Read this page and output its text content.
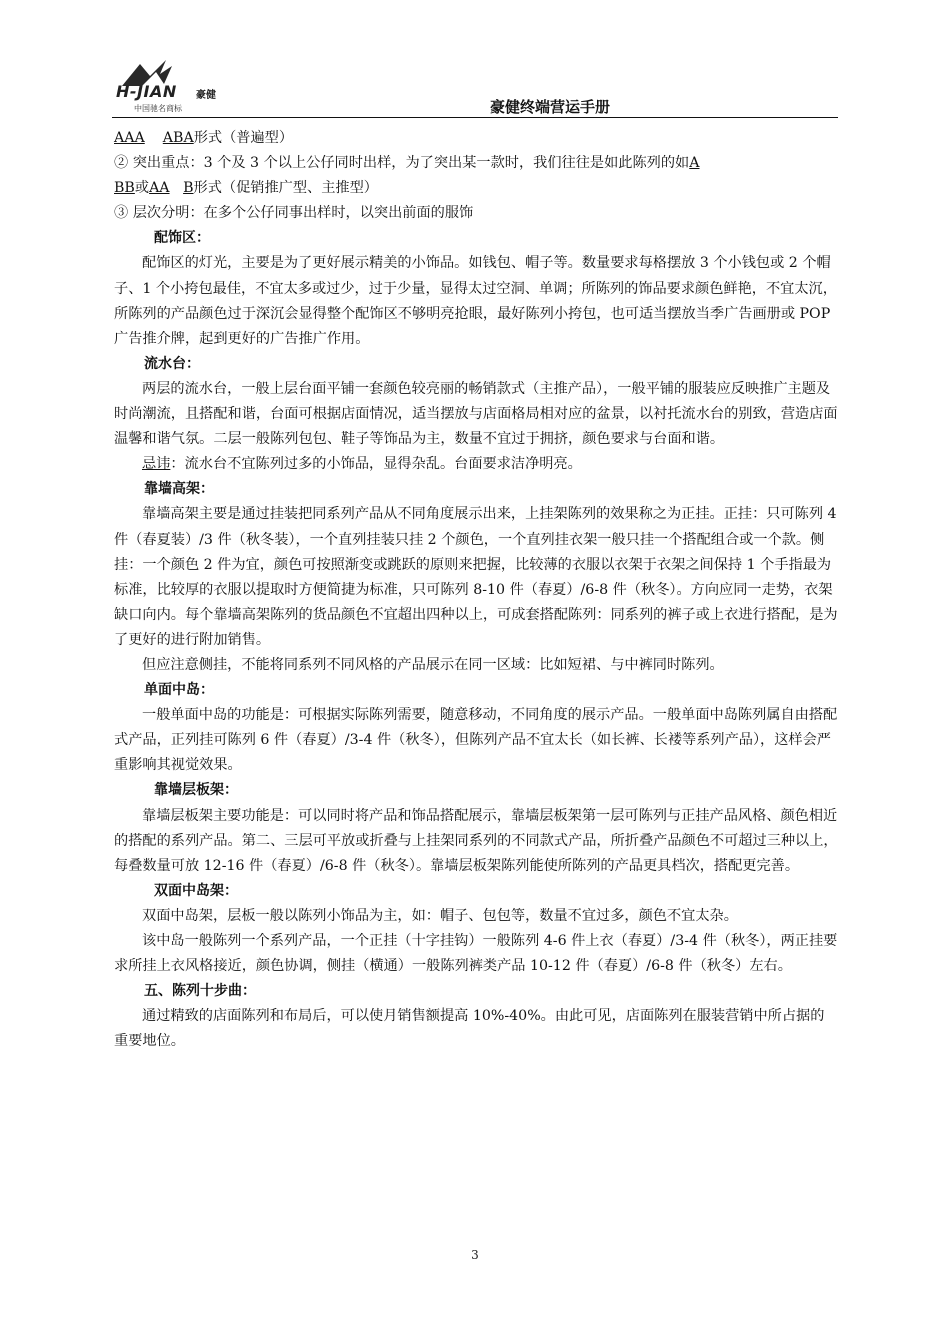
H-JIAN 豪健
中国驰名商标	豪健终端营运手册

AAA ABA形式（普遍型）

② 突出重点：3 个及 3 个以上公仔同时出样，为了突出某一款时，我们往往是如此陈列的如A

BB或AA B形式（促销推广型、主推型）

③ 层次分明：在多个公仔同事出样时，以突出前面的服饰

配饰区：

配饰区的灯光，主要是为了更好展示精美的小饰品。如钱包、帽子等。数量要求每格摆放 3 个小钱包或 2 个帽子、1 个小挎包最佳，不宜太多或过少，过于少量，显得太过空洞、单调；所陈列的饰品要求颜色鲜艳，不宜太沉，所陈列的产品颜色过于深沉会显得整个配饰区不够明亮抢眼，最好陈列小挎包，也可适当摆放当季广告画册或 POP 广告推介牌，起到更好的广告推广作用。

流水台：

两层的流水台，一般上层台面平铺一套颜色较亮丽的畅销款式（主推产品），一般平铺的服装应反映推广主题及时尚潮流，且搭配和谐，台面可根据店面情况，适当摆放与店面格局相对应的盆景，以衬托流水台的别致，营造店面温馨和谐气氛。二层一般陈列包包、鞋子等饰品为主，数量不宜过于拥挤，颜色要求与台面和谐。

忌讳：流水台不宜陈列过多的小饰品，显得杂乱。台面要求洁净明亮。

靠墙高架：

靠墙高架主要是通过挂装把同系列产品从不同角度展示出来，上挂架陈列的效果称之为正挂。正挂：只可陈列 4 件（春夏装）/3 件（秋冬装），一个直列挂装只挂 2 个颜色，一个直列挂衣架一般只挂一个搭配组合或一个款。侧挂：一个颜色 2 件为宜，颜色可按照渐变或跳跃的原则来把握，比较薄的衣服以衣架于衣架之间保持 1 个手指最为标准，比较厚的衣服以提取时方便简捷为标准，只可陈列 8-10 件（春夏）/6-8 件（秋冬）。方向应同一走势，衣架缺口向内。每个靠墙高架陈列的货品颜色不宜超出四种以上，可成套搭配陈列：同系列的裤子或上衣进行搭配，是为了更好的进行附加销售。

但应注意侧挂，不能将同系列不同风格的产品展示在同一区域：比如短裙、与中裤同时陈列。

单面中岛：

一般单面中岛的功能是：可根据实际陈列需要，随意移动，不同角度的展示产品。一般单面中岛陈列属自由搭配式产品，正列挂可陈列 6 件（春夏）/3-4 件（秋冬），但陈列产品不宜太长（如长裤、长褛等系列产品），这样会严重影响其视觉效果。

靠墙层板架：

靠墙层板架主要功能是：可以同时将产品和饰品搭配展示，靠墙层板架第一层可陈列与正挂产品风格、颜色相近的搭配的系列产品。第二、三层可平放或折叠与上挂架同系列的不同款式产品，所折叠产品颜色不可超过三种以上，每叠数量可放 12-16 件（春夏）/6-8 件（秋冬）。靠墙层板架陈列能使所陈列的产品更具档次，搭配更完善。

双面中岛架：

双面中岛架，层板一般以陈列小饰品为主，如：帽子、包包等，数量不宜过多，颜色不宜太杂。

该中岛一般陈列一个系列产品，一个正挂（十字挂钩）一般陈列 4-6 件上衣（春夏）/3-4 件（秋冬），两正挂要求所挂上衣风格接近，颜色协调，侧挂（横通）一般陈列裤类产品 10-12 件（春夏）/6-8 件（秋冬）左右。

五、陈列十步曲：

通过精致的店面陈列和布局后，可以使月销售额提高 10%-40%。由此可见，店面陈列在服装营销中所占据的重要地位。

3
